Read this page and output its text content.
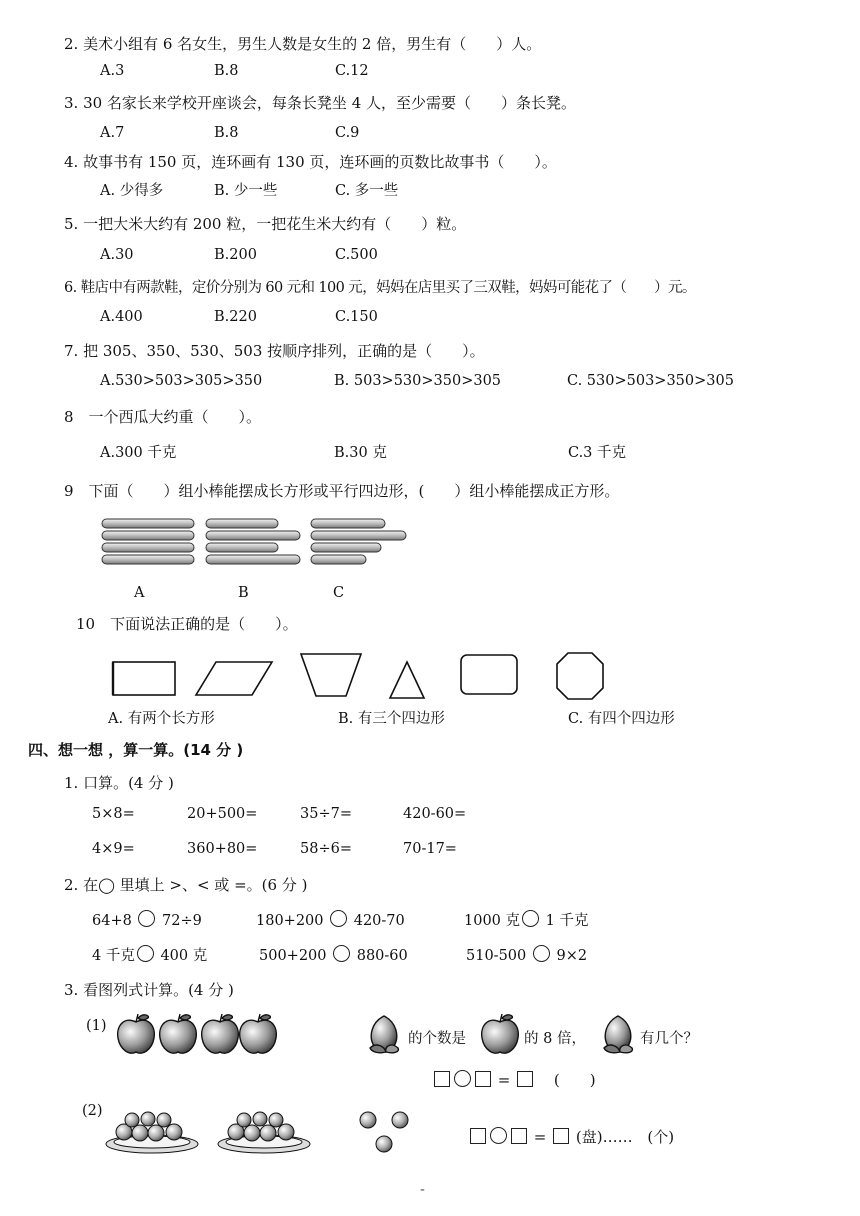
2. 美术小组有 6 名女生，男生人数是女生的 2 倍，男生有（　　）人。
A.3	B.8	C.12
3. 30 名家长来学校开座谈会，每条长凳坐 4 人，至少需要（　　）条长凳。
A.7	B.8	C.9
4. 故事书有 150 页，连环画有 130 页，连环画的页数比故事书（　　）。
A. 少得多	B. 少一些	C. 多一些
5. 一把大米大约有 200 粒，一把花生米大约有（　　）粒。
A.30	B.200	C.500
6. 鞋店中有两款鞋，定价分别为 60 元和 100 元，妈妈在店里买了三双鞋，妈妈可能花了（　　）元。
A.400	B.220	C.150
7. 把 305、350、530、503 按顺序排列，正确的是（　　）。
A.530>503>305>350	B. 503>530>350>305	C. 530>503>350>305
8　一个西瓜大约重（　　）。
A.300 千克	B.30 克	C.3 千克
9　下面（　　）组小棒能摆成长方形或平行四边形，(　　）组小棒能摆成正方形。
A	B	C
10　下面说法正确的是（　　）。
A. 有两个长方形	B. 有三个四边形	C. 有四个四边形
四、想一想 ，算一算。(14 分 )
1. 口算。(4 分 )
5×8=	20+500=	35÷7=	420-60=
4×9=	360+80=	58÷6=	70-17=
2. 在◯ 里填上 >、< 或 =。(6 分 )
64+8 72÷9	180+200 420-70	1000 克 1 千克
4 千克 400 克	500+200 880-60	510-500 9×2
3. 看图列式计算。(4 分 )
(1)
的个数是	的 8 倍，	有几个？
=	(　　)
(2)
=  (盘)…… (个)
-
